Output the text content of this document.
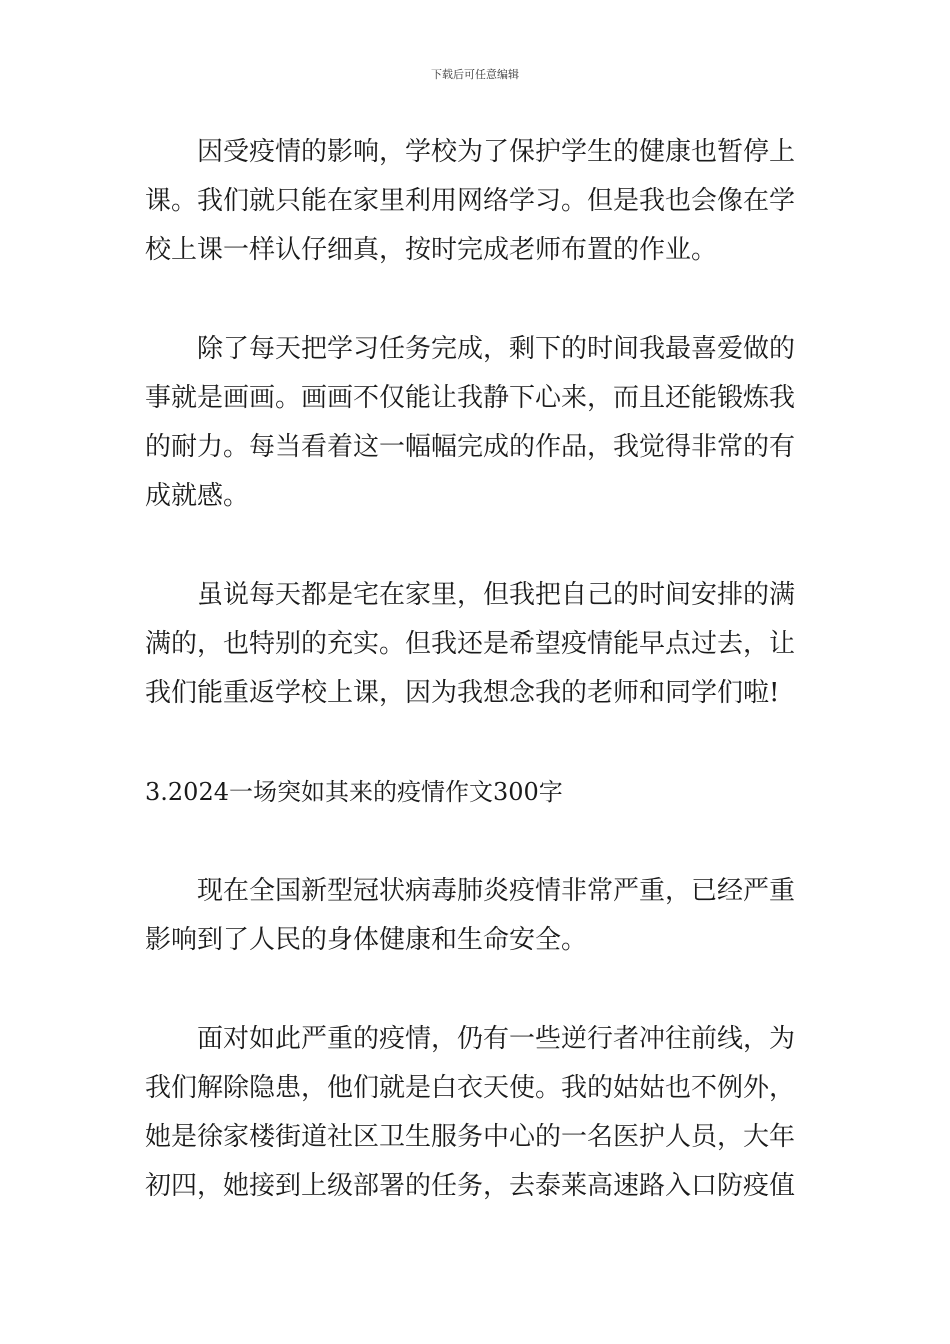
下载后可任意编辑
　　因受疫情的影响，学校为了保护学生的健康也暂停上
课。我们就只能在家里利用网络学习。但是我也会像在学
校上课一样认仔细真，按时完成老师布置的作业。
　　除了每天把学习任务完成，剩下的时间我最喜爱做的
事就是画画。画画不仅能让我静下心来，而且还能锻炼我
的耐力。每当看着这一幅幅完成的作品，我觉得非常的有
成就感。
　　虽说每天都是宅在家里，但我把自己的时间安排的满
满的，也特别的充实。但我还是希望疫情能早点过去，让
我们能重返学校上课，因为我想念我的老师和同学们啦!
3.2024一场突如其来的疫情作文300字
　　现在全国新型冠状病毒肺炎疫情非常严重，已经严重
影响到了人民的身体健康和生命安全。
　　面对如此严重的疫情，仍有一些逆行者冲往前线，为
我们解除隐患，他们就是白衣天使。我的姑姑也不例外，
她是徐家楼街道社区卫生服务中心的一名医护人员，大年
初四，她接到上级部署的任务，去泰莱高速路入口防疫值
